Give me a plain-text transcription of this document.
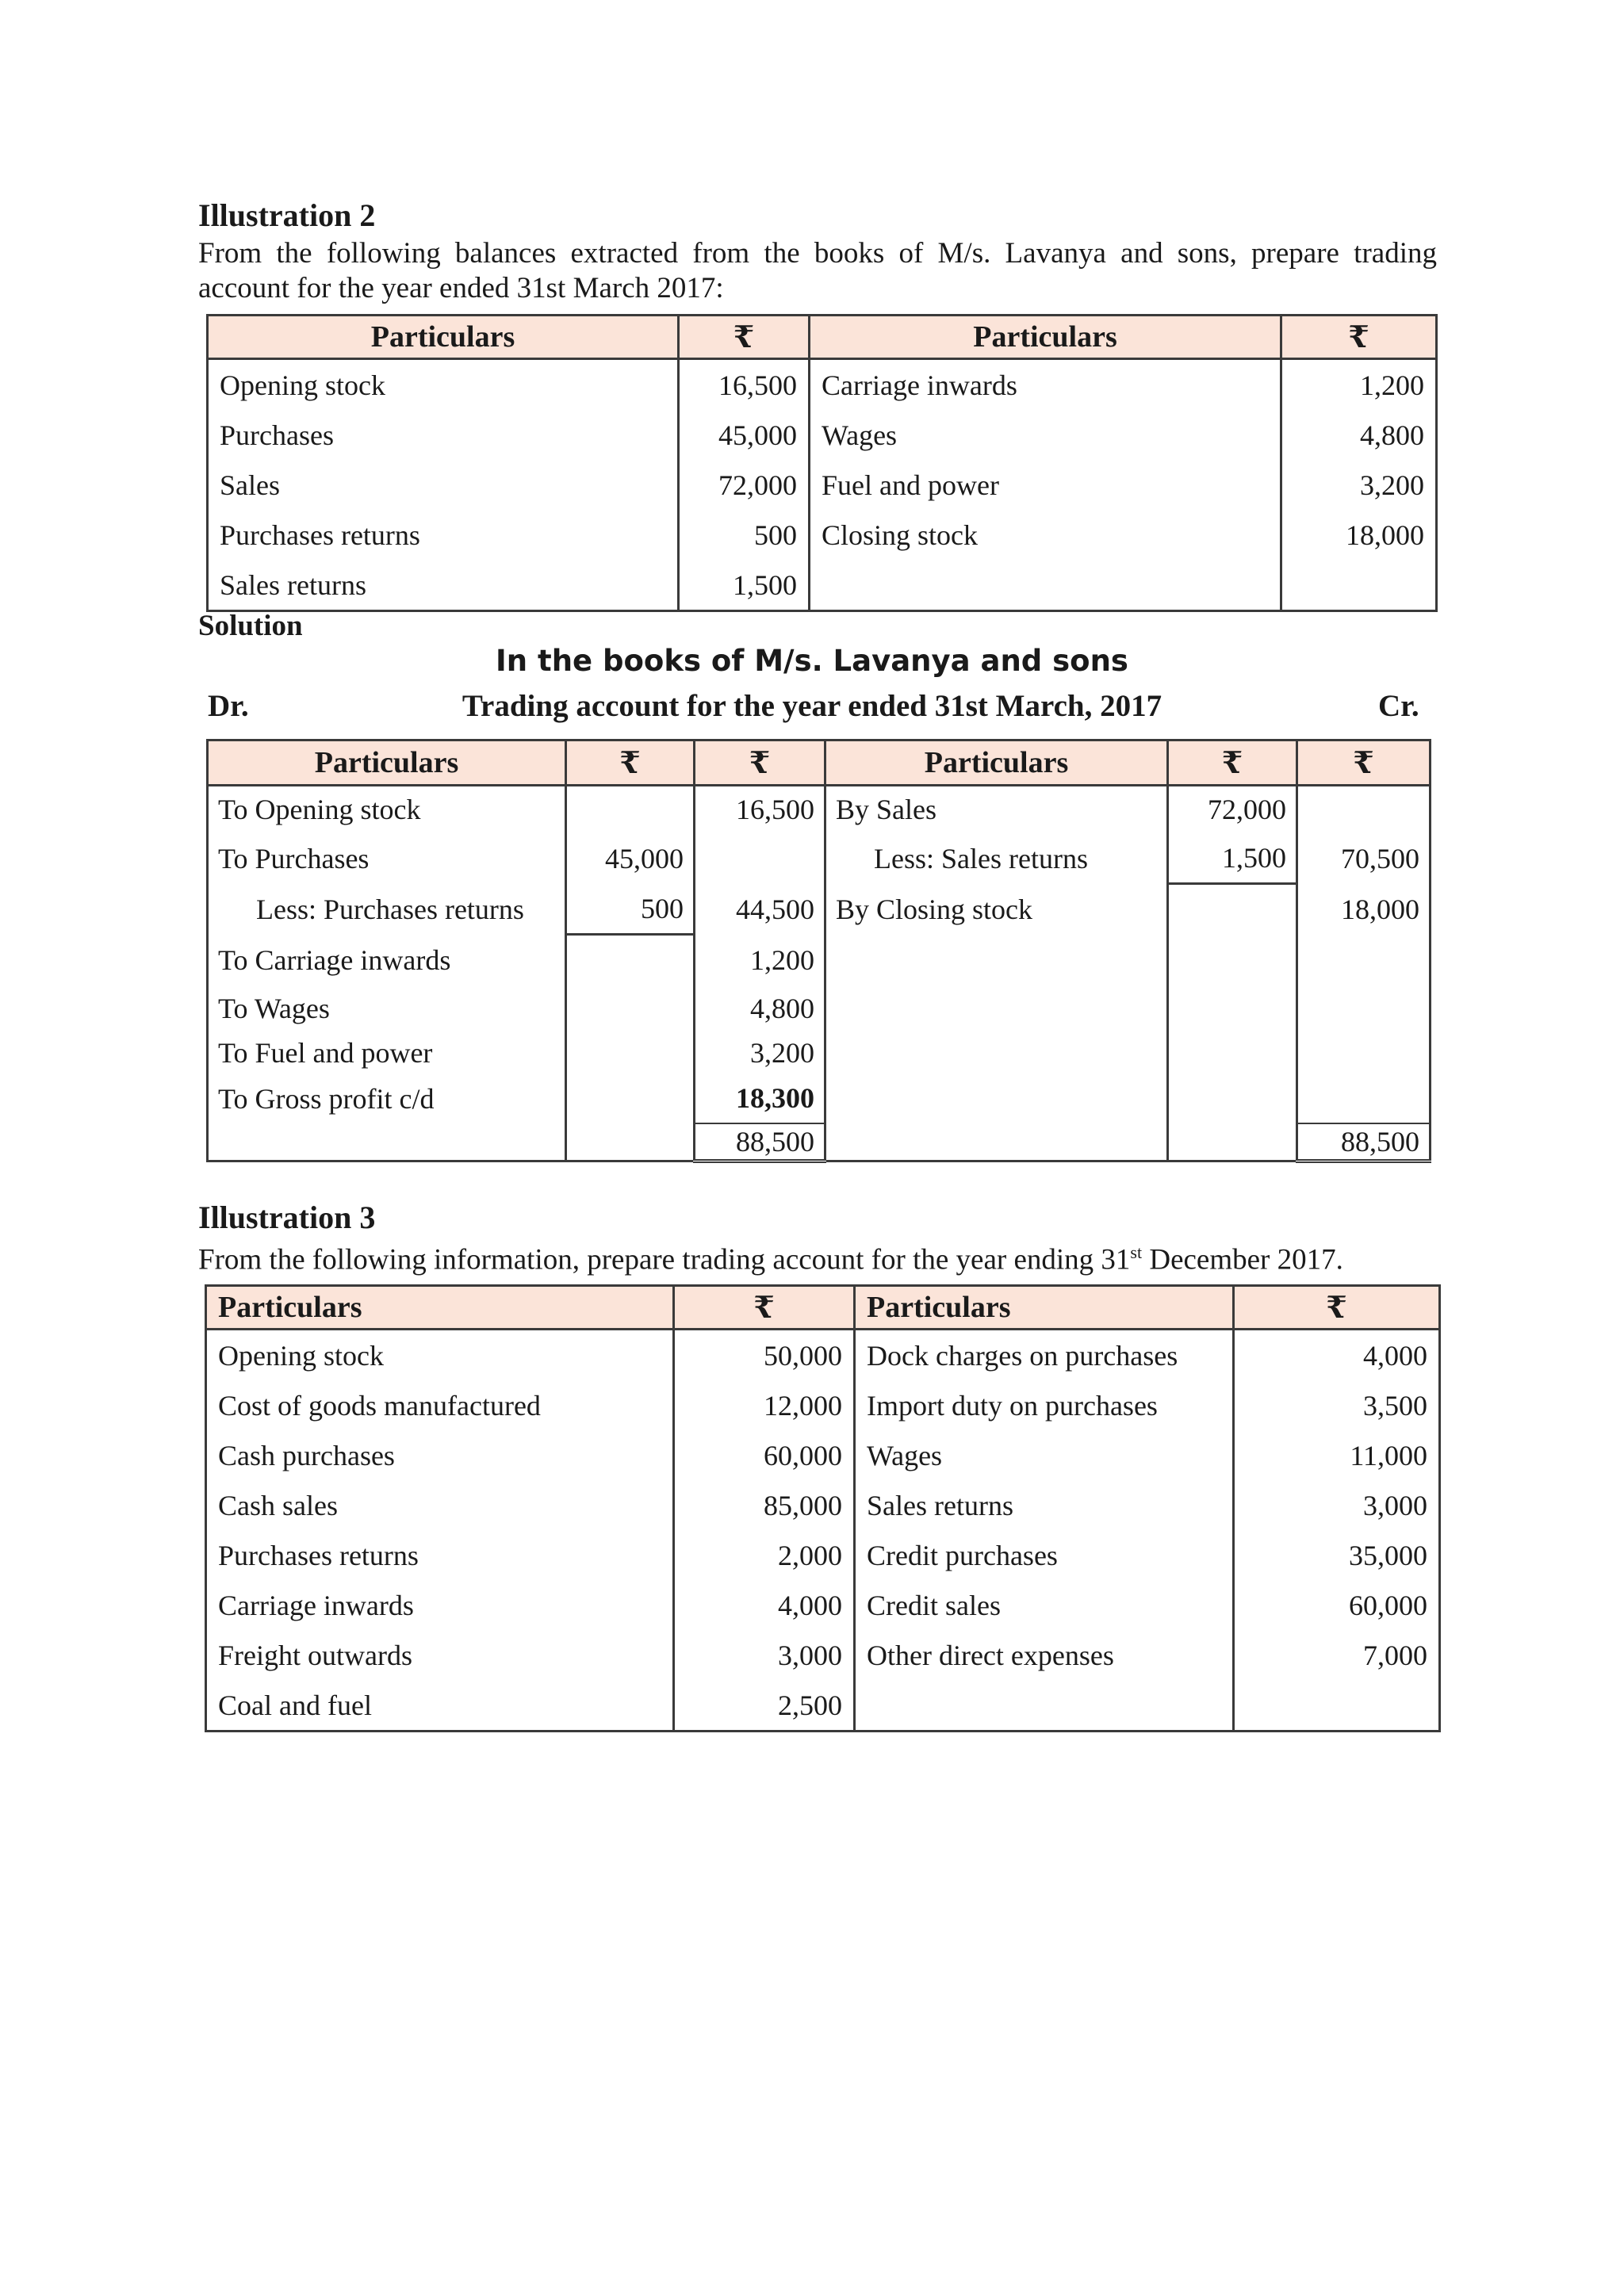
Illustration 2
From the following balances extracted from the books of M/s. Lavanya and sons, prepare trading
account for the year ended 31st March 2017:
Particulars	₹	Particulars	₹
Opening stock	16,500	Carriage inwards	1,200
Purchases	45,000	Wages	4,800
Sales	72,000	Fuel and power	3,200
Purchases returns	500	Closing stock	18,000
Sales returns	1,500		
Solution
In the books of M/s. Lavanya and sons
Trading account for the year ended 31st March, 2017
Dr.	Cr.
Particulars	₹	₹	Particulars	₹	₹
To Opening stock		16,500	By Sales	72,000	
To Purchases	45,000		Less: Sales returns	1,500	70,500
Less: Purchases returns	500	44,500	By Closing stock		18,000
To Carriage inwards		1,200			
To Wages		4,800			
To Fuel and power		3,200			
To Gross profit c/d		18,300			
		88,500			88,500
Illustration 3
From the following information, prepare trading account for the year ending 31st December 2017.
Particulars	₹	Particulars	₹
Opening stock	50,000	Dock charges on purchases	4,000
Cost of goods manufactured	12,000	Import duty on purchases	3,500
Cash purchases	60,000	Wages	11,000
Cash sales	85,000	Sales returns	3,000
Purchases returns	2,000	Credit purchases	35,000
Carriage inwards	4,000	Credit sales	60,000
Freight outwards	3,000	Other direct expenses	7,000
Coal and fuel	2,500		
